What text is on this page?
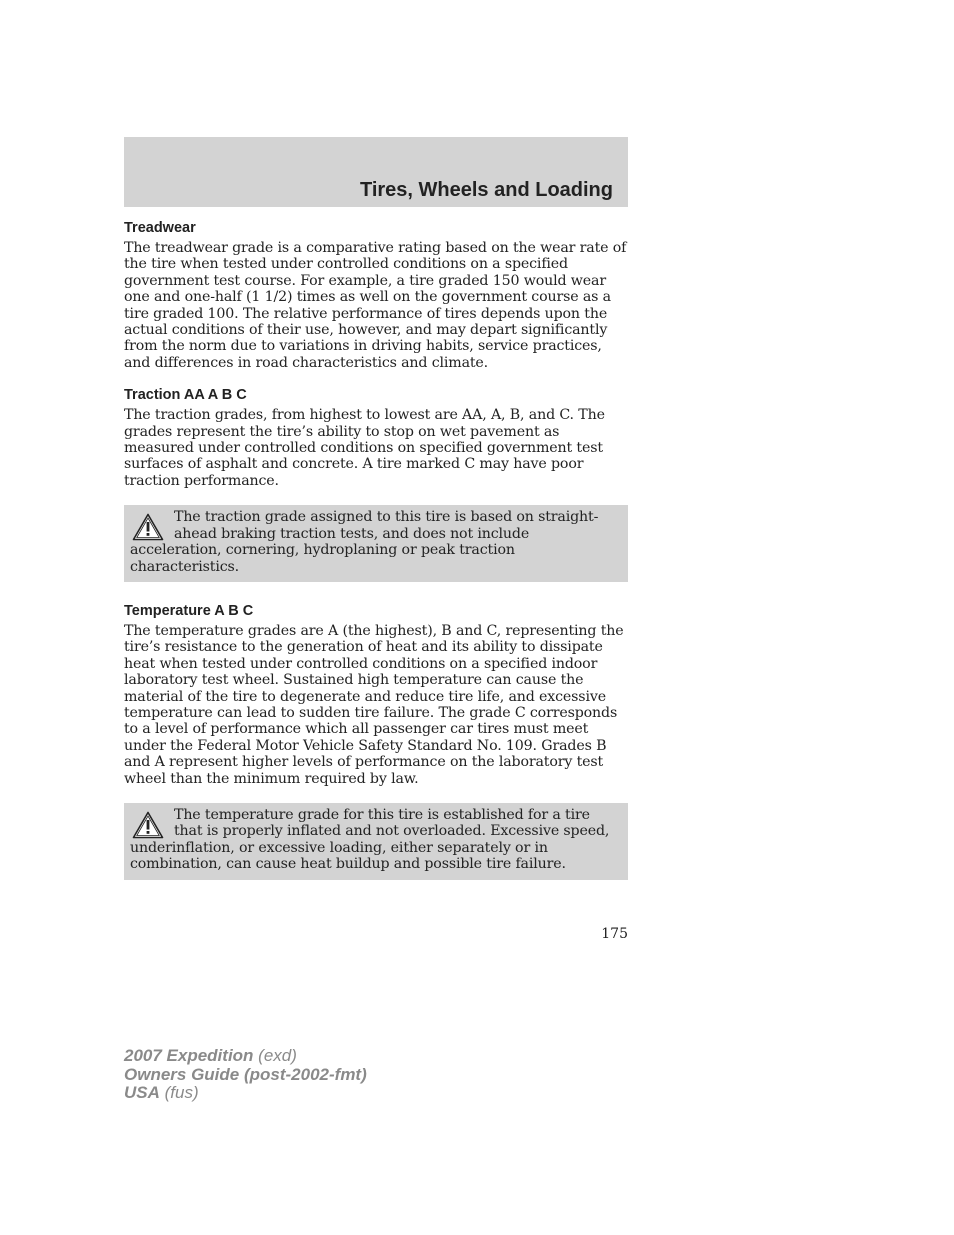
Tires, Wheels and Loading
Treadwear

The treadwear grade is a comparative rating based on the wear rate of the tire when tested under controlled conditions on a specified government test course. For example, a tire graded 150 would wear one and one-half (1 1/2) times as well on the government course as a tire graded 100. The relative performance of tires depends upon the actual conditions of their use, however, and may depart significantly from the norm due to variations in driving habits, service practices, and differences in road characteristics and climate.

Traction AA A B C

The traction grades, from highest to lowest are AA, A, B, and C. The grades represent the tire’s ability to stop on wet pavement as measured under controlled conditions on specified government test surfaces of asphalt and concrete. A tire marked C may have poor traction performance.

The traction grade assigned to this tire is based on straight-ahead braking traction tests, and does not include acceleration, cornering, hydroplaning or peak traction characteristics.
Temperature A B C

The temperature grades are A (the highest), B and C, representing the tire’s resistance to the generation of heat and its ability to dissipate heat when tested under controlled conditions on a specified indoor laboratory test wheel. Sustained high temperature can cause the material of the tire to degenerate and reduce tire life, and excessive temperature can lead to sudden tire failure. The grade C corresponds to a level of performance which all passenger car tires must meet under the Federal Motor Vehicle Safety Standard No. 109. Grades B and A represent higher levels of performance on the laboratory test wheel than the minimum required by law.

The temperature grade for this tire is established for a tire that is properly inflated and not overloaded. Excessive speed, underinflation, or excessive loading, either separately or in combination, can cause heat buildup and possible tire failure.
175
2007 Expedition (exd)
Owners Guide (post-2002-fmt)
USA (fus)
